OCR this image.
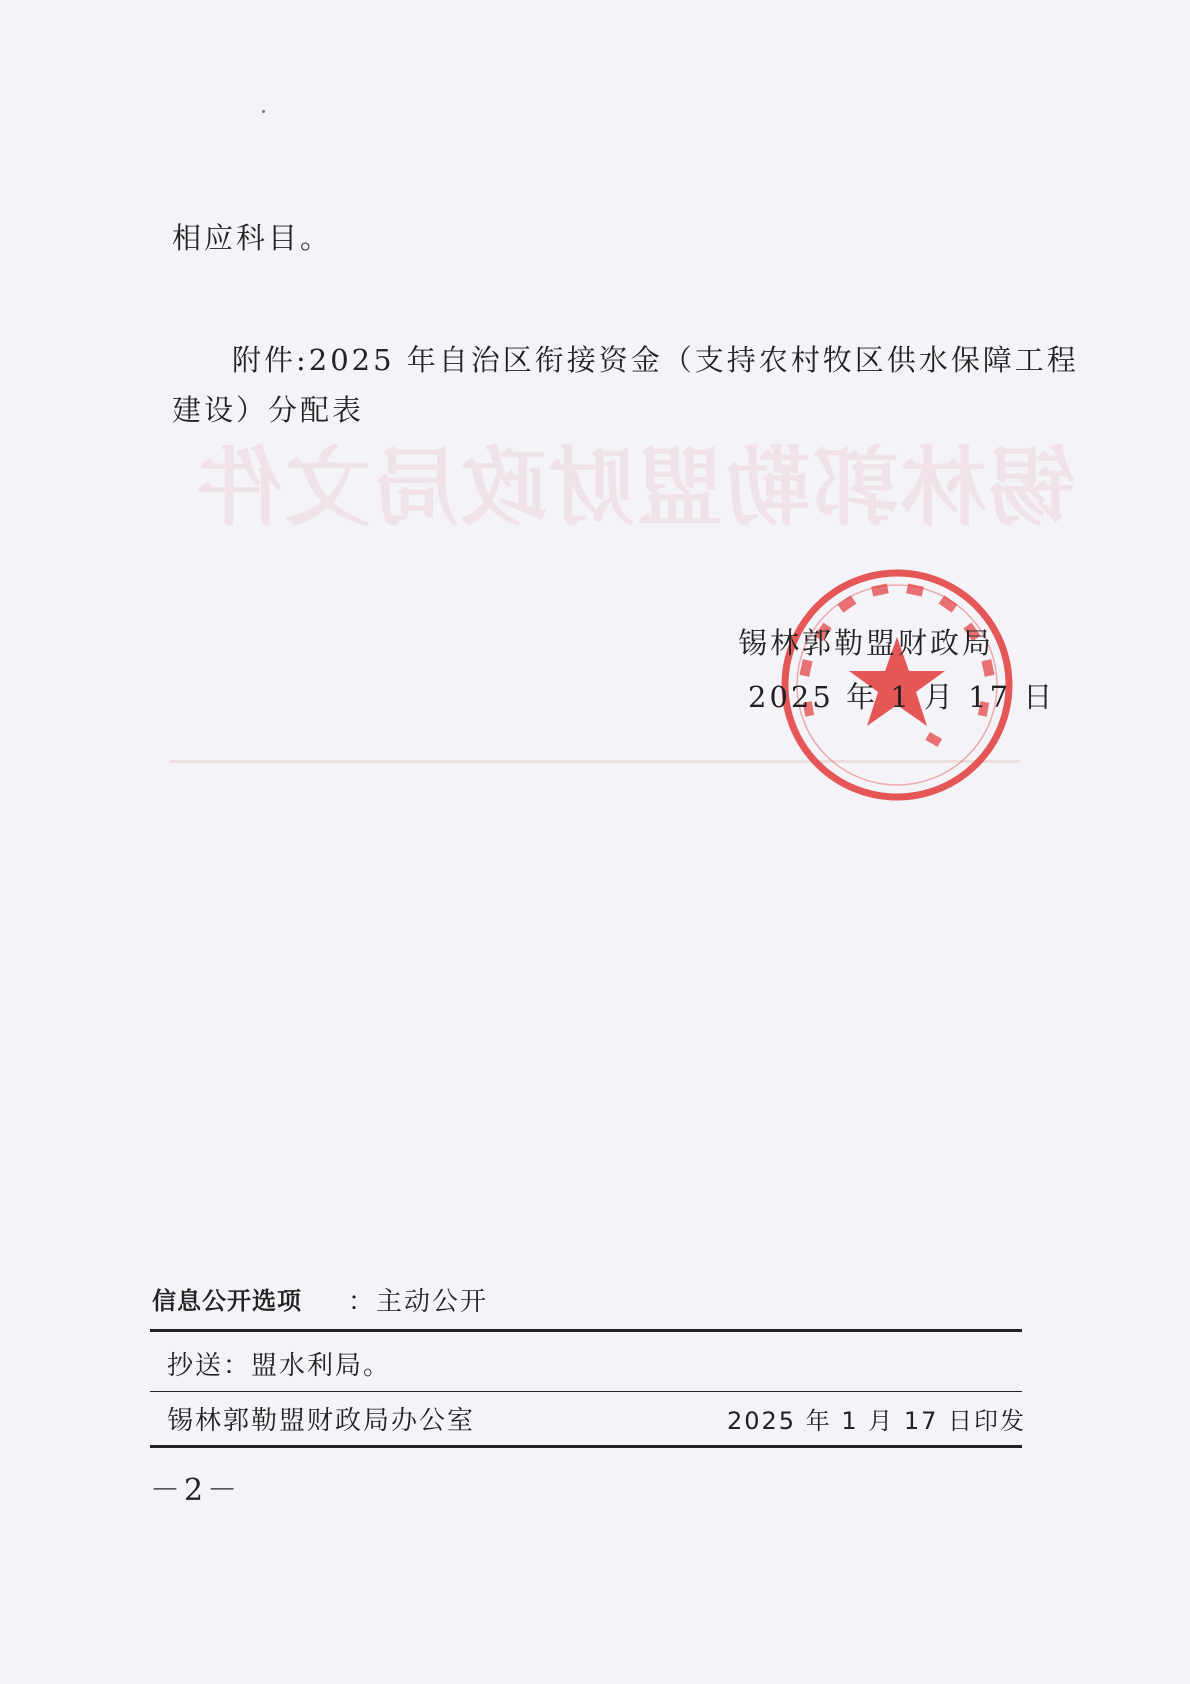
锡林郭勒盟财政局文件
相应科目。
附件:2025 年自治区衔接资金（支持农村牧区供水保障工程
建设）分配表
锡林郭勒盟财政局
2025 年 1 月 17 日
信息公开选项 ：主动公开
抄送：盟水利局。
锡林郭勒盟财政局办公室	2025 年 1 月 17 日印发
－2－
